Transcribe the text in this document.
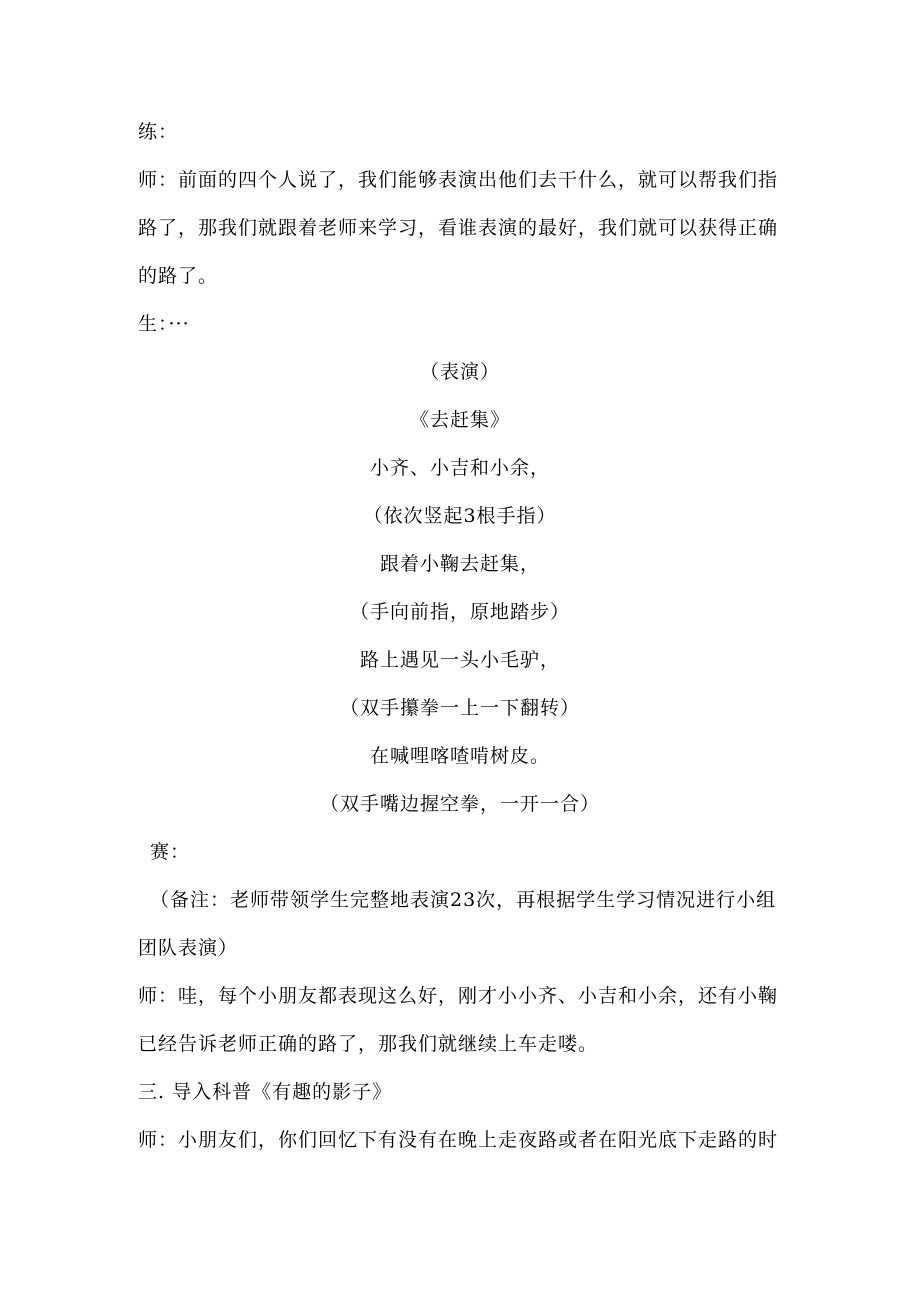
练：
师：前面的四个人说了，我们能够表演出他们去干什么，就可以帮我们指
路了，那我们就跟着老师来学习，看谁表演的最好，我们就可以获得正确
的路了。
生：···
（表演）
《去赶集》
小齐、小吉和小余，
（依次竖起3根手指）
跟着小鞠去赶集，
（手向前指，原地踏步）
路上遇见一头小毛驴，
（双手攥拳一上一下翻转）
在喊哩喀喳啃树皮。
（双手嘴边握空拳，一开一合）
赛：
（备注：老师带领学生完整地表演23次，再根据学生学习情况进行小组
团队表演）
师：哇，每个小朋友都表现这么好，刚才小小齐、小吉和小余，还有小鞠
已经告诉老师正确的路了，那我们就继续上车走喽。
三. 导入科普《有趣的影子》
师：小朋友们，你们回忆下有没有在晚上走夜路或者在阳光底下走路的时
